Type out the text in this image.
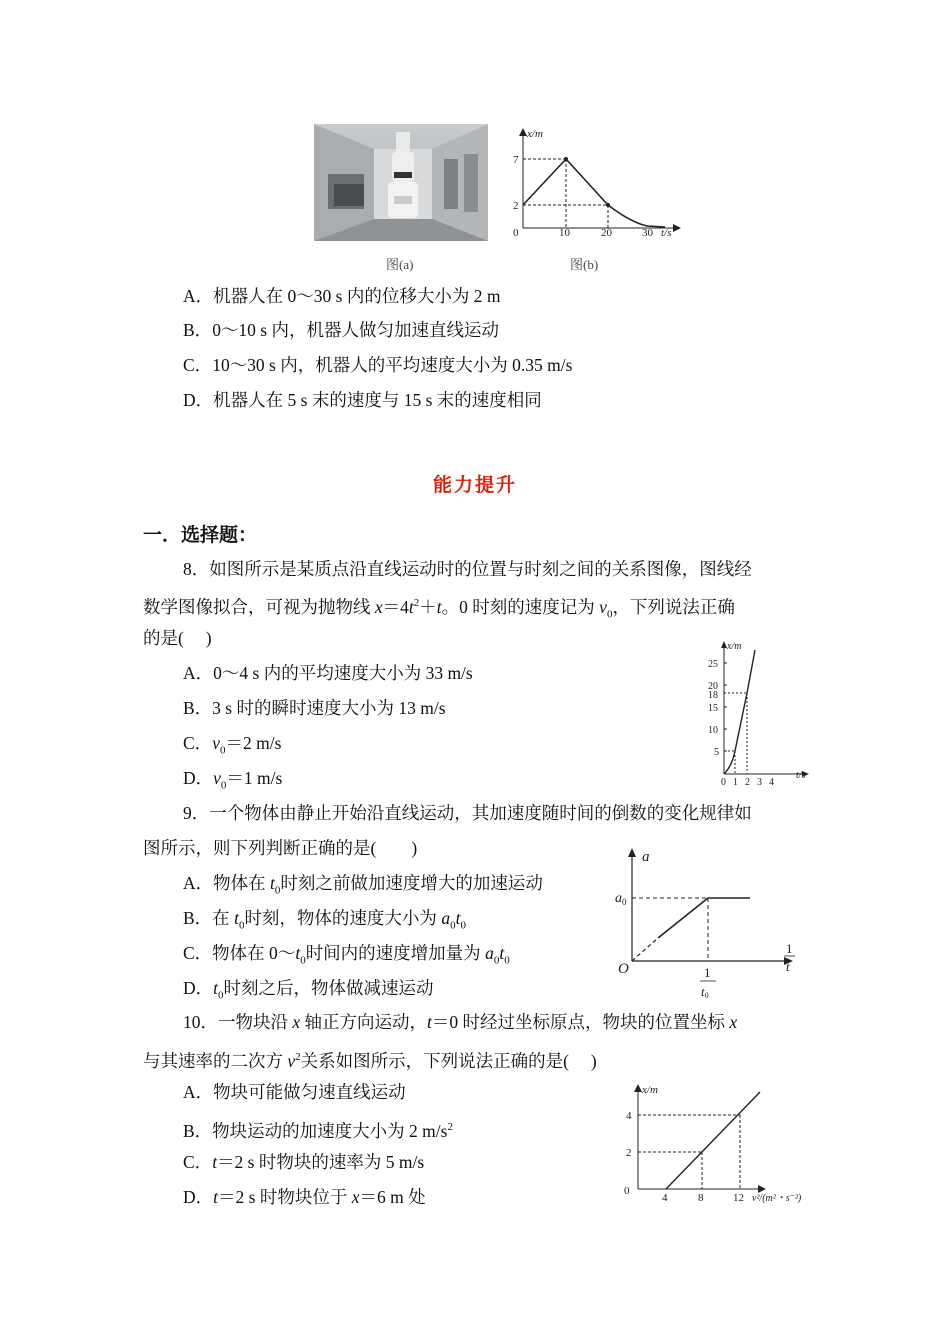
图(a)
x/m
7
2
0	10	20	30 t/s
图(b)
A．机器人在 0～30 s 内的位移大小为 2 m
B．0～10 s 内，机器人做匀加速直线运动
C．10～30 s 内，机器人的平均速度大小为 0.35 m/s
D．机器人在 5 s 末的速度与 15 s 末的速度相同
能力提升
一．选择题：
8．如图所示是某质点沿直线运动时的位置与时刻之间的关系图像，图线经
数学图像拟合，可视为抛物线 $x=4t^2+t$。0 时刻的速度记为 $v_0$，下列说法正确
的是(　 )
A．0～4 s 内的平均速度大小为 33 m/s
B．3 s 时的瞬时速度大小为 13 m/s
C．$v_0=2$ m/s
D．$v_0=1$ m/s
x/m
25
20
18
15
10
5
0 1 2 3 4
t/s
9．一个物体由静止开始沿直线运动，其加速度随时间的倒数的变化规律如
图所示，则下列判断正确的是(　　)
A．物体在 $t_0$时刻之前做加速度增大的加速运动
B．在 $t_0$时刻，物体的速度大小为 $a_0t_0$
C．物体在 $0\sim t_0$时间内的速度增加量为 $a_0t_0$
D．$t_0$时刻之后，物体做减速运动
a
O
$a_0$
1
t
1
t0
10．一物块沿 x 轴正方向运动，t＝0 时经过坐标原点，物块的位置坐标 x
与其速率的二次方 $v^2$关系如图所示，下列说法正确的是(　 )
A．物块可能做匀速直线运动
B．物块运动的加速度大小为 2 $m/s^2$
C．t＝2 s 时物块的速率为 5 m/s
D．t＝2 s 时物块位于 x＝6 m 处
x/m
4
2
0
4	8	12 v²/(m²・s⁻²)
